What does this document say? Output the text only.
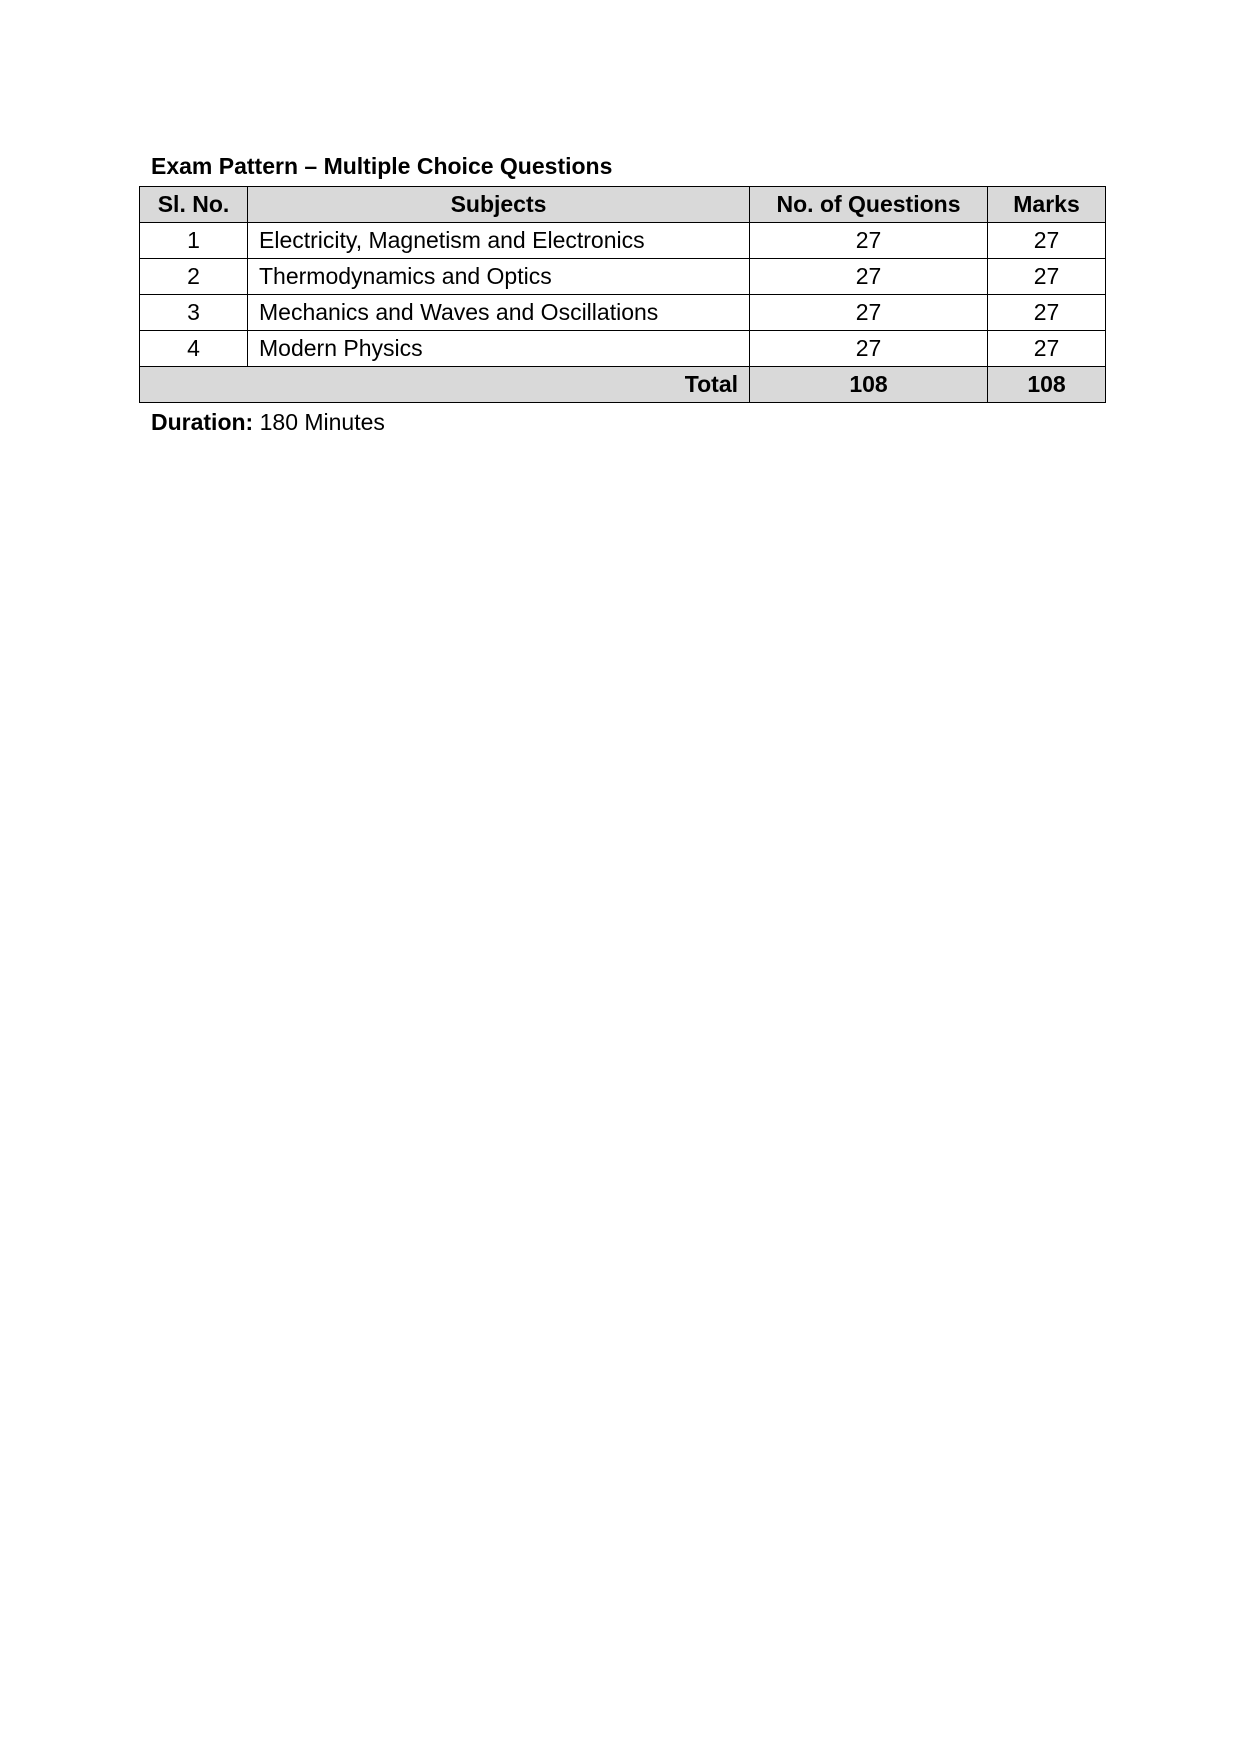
Exam Pattern – Multiple Choice Questions
Sl. No.	Subjects	No. of Questions	Marks
1	Electricity, Magnetism and Electronics	27	27
2	Thermodynamics and Optics	27	27
3	Mechanics and Waves and Oscillations	27	27
4	Modern Physics	27	27
Total		108	108
Duration: 180 Minutes
